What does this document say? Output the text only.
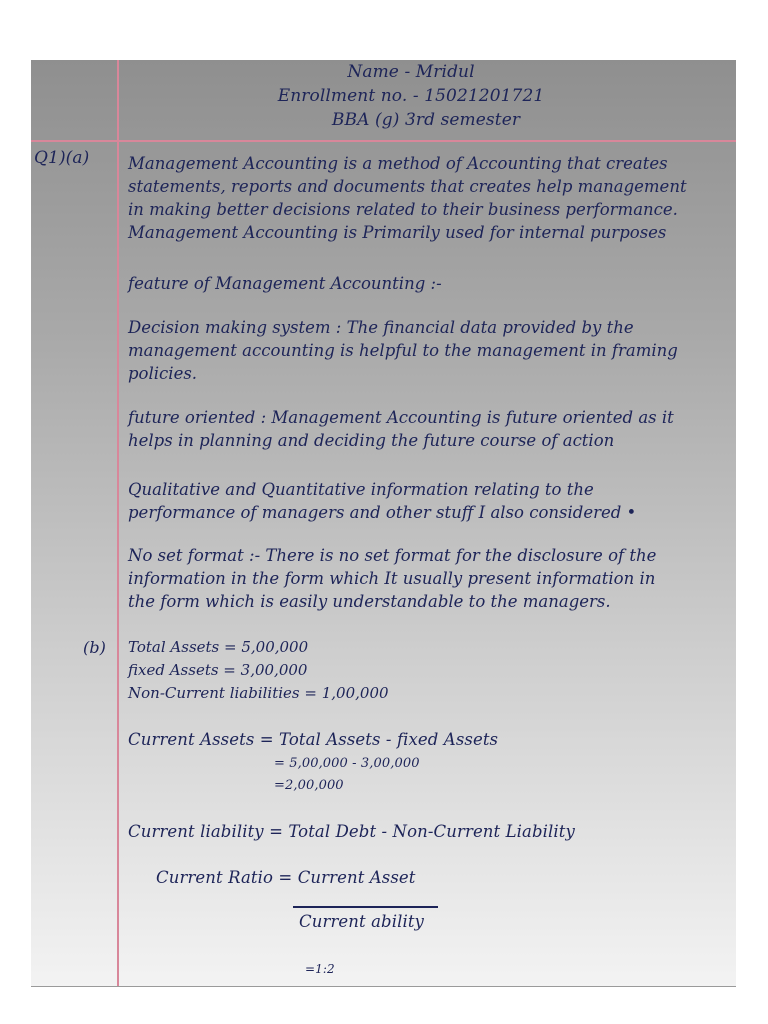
Name - Mridul

Enrollment no. - 15021201721

BBA (g) 3rd semester

Q1)(a) Management Accounting is a method of Accounting that creates
statements, reports and documents that creates help management
in making better decisions related to their business performance.
Management Accounting is Primarily used for internal purposes
feature of Management Accounting :-
Decision making system : The financial data provided by the
management accounting is helpful to the management in framing
policies.
future oriented : Management Accounting is future oriented as it
helps in planning and deciding the future course of action
Qualitative and Quantitative information relating to the
performance of managers and other stuff I also considered •
No set format :- There is no set format for the disclosure of the
information in the form which It usually present information in
the form which is easily understandable to the managers.

(b) Total Assets = 5,00,000
fixed Assets = 3,00,000
Non-Current liabilities = 1,00,000

Current Assets = Total Assets - fixed Assets

= 5,00,000 - 3,00,000

=2,00,000

Current liability = Total Debt - Non-Current Liability

Current Ratio = Current Asset

Current ability

=1:2
